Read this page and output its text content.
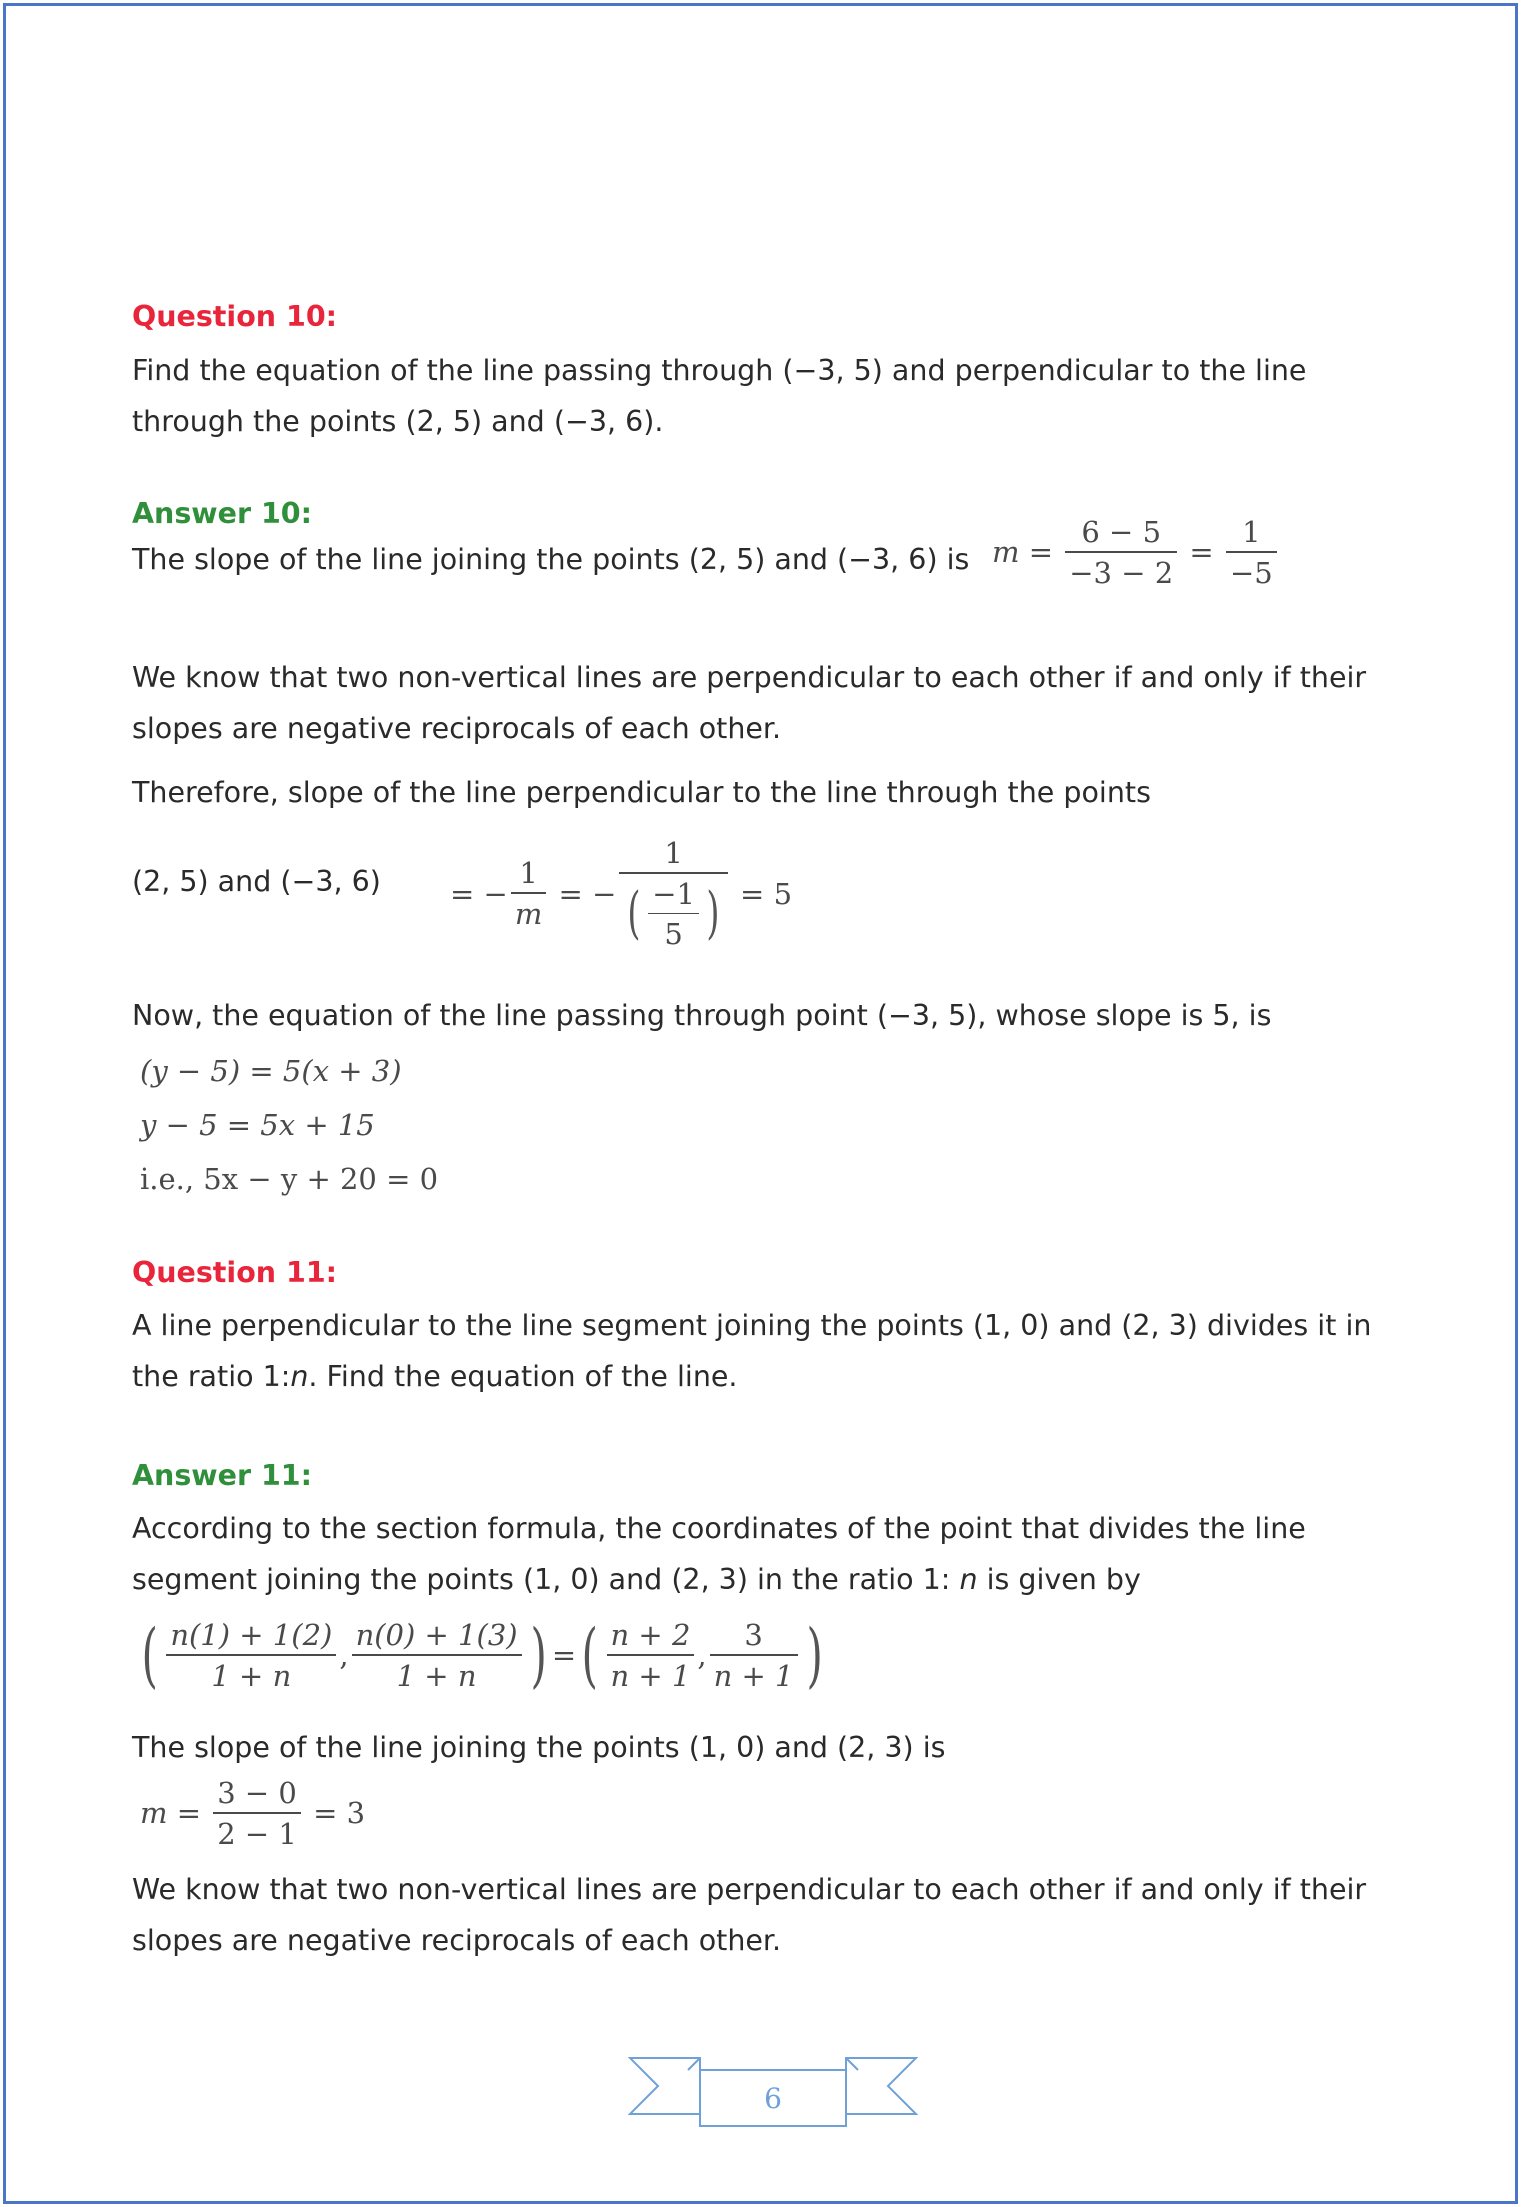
Question 10:
Find the equation of the line passing through (−3, 5) and perpendicular to the line
through the points (2, 5) and (−3, 6).
Answer 10:
The slope of the line joining the points (2, 5) and (−3, 6) is $m = \frac{6 - 5}{-3 - 2} = \frac{1}{-5}$
We know that two non-vertical lines are perpendicular to each other if and only if their
slopes are negative reciprocals of each other.
Therefore, slope of the line perpendicular to the line through the points
(2, 5) and (−3, 6) = − $\frac{1}{m}$ = −
1
( $\frac{-1}{5}$ ) = 5
Now, the equation of the line passing through point (−3, 5), whose slope is 5, is
(y − 5) = 5(x + 3)
y − 5 = 5x + 15
i.e., 5x − y + 20 = 0
Question 11:
A line perpendicular to the line segment joining the points (1, 0) and (2, 3) divides it in
the ratio 1:n. Find the equation of the line.
Answer 11:
According to the section formula, the coordinates of the point that divides the line
segment joining the points (1, 0) and (2, 3) in the ratio 1: n is given by
( $\frac{n(1) + 1(2)}{1 + n}$ , $\frac{n(0) + 1(3)}{1 + n}$ ) = ( $\frac{n + 2}{n + 1}$ , $\frac{3}{n + 1}$ )
The slope of the line joining the points (1, 0) and (2, 3) is
$m = \frac{3 - 0}{2 - 1} = 3$
We know that two non-vertical lines are perpendicular to each other if and only if their
slopes are negative reciprocals of each other.
6
